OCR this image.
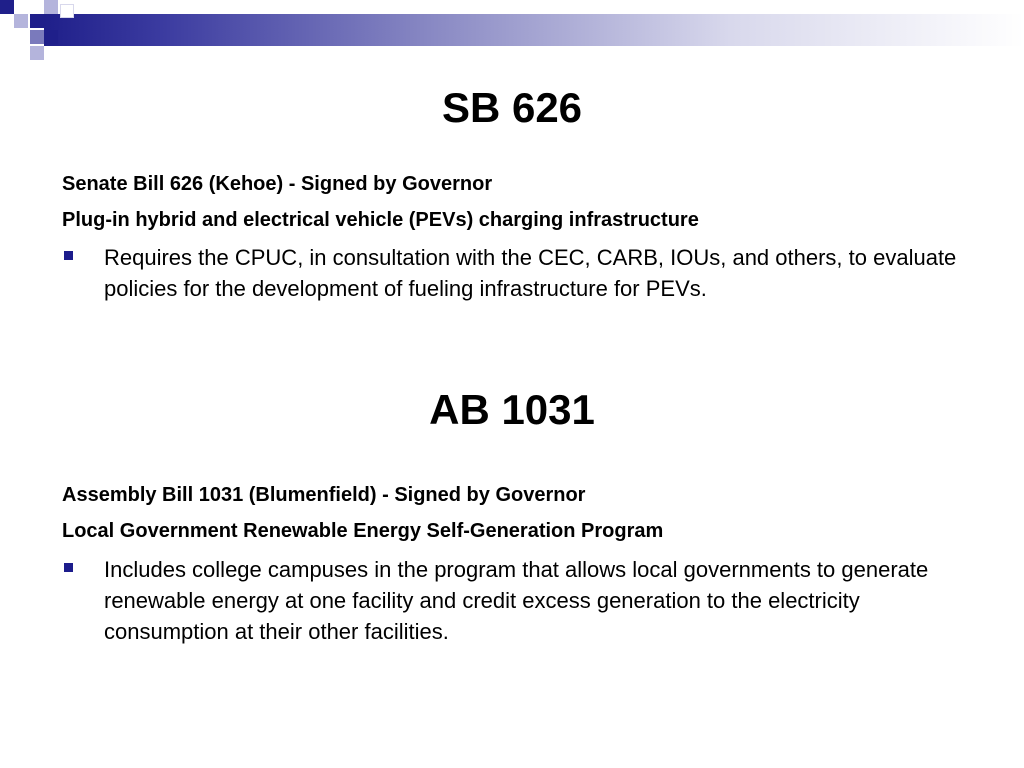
SB 626
Senate Bill 626 (Kehoe) - Signed by Governor
Plug-in hybrid and electrical vehicle (PEVs) charging infrastructure
Requires the CPUC, in consultation with the CEC, CARB, IOUs, and others, to evaluate policies for the development of fueling infrastructure for PEVs.
AB 1031
Assembly Bill 1031 (Blumenfield) - Signed by Governor
Local Government Renewable Energy Self-Generation Program
Includes college campuses in the program that allows local governments to generate renewable energy at one facility and credit excess generation to the electricity consumption at their other facilities.
